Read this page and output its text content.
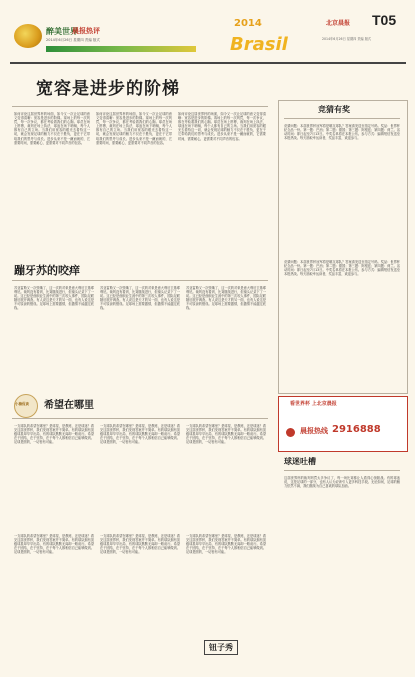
醉美世界
晨报热评
2014年6月26日 星期四 责编 版式
2014
Brasil
北京晨报 T05
2014年6月26日 星期四 责编 版式
宽容是进步的阶梯
如何评论这届世界杯的场面，如今又一次让足球的意义变得清晰：宽容是进步的阶梯。赛场上的每一次判罚，每一次争议，都在考验着我们的心胸。球员在场上拼搏，裁判在场上执法，球迷在场下呐喊，每个人都有自己的立场。当我们用宽容的眼光去看待这一切，就会发现足球的魅力不仅在于胜负，更在于它带给我们的思考与成长。进步从来不是一蹴而就的，它需要时间，需要耐心，更需要对不同声音的包容。
如何评论这届世界杯的场面，如今又一次让足球的意义变得清晰：宽容是进步的阶梯。赛场上的每一次判罚，每一次争议，都在考验着我们的心胸。球员在场上拼搏，裁判在场上执法，球迷在场下呐喊，每个人都有自己的立场。当我们用宽容的眼光去看待这一切，就会发现足球的魅力不仅在于胜负，更在于它带给我们的思考与成长。进步从来不是一蹴而就的，它需要时间，需要耐心，更需要对不同声音的包容。
如何评论这届世界杯的场面，如今又一次让足球的意义变得清晰：宽容是进步的阶梯。赛场上的每一次判罚，每一次争议，都在考验着我们的心胸。球员在场上拼搏，裁判在场上执法，球迷在场下呐喊，每个人都有自己的立场。当我们用宽容的眼光去看待这一切，就会发现足球的魅力不仅在于胜负，更在于它带给我们的思考与成长。进步从来不是一蹴而就的，它需要时间，需要耐心，更需要对不同声音的包容。
蹦牙苏的咬痒
苏亚雷斯又一次张嘴了，这一次的对象是意大利后卫基耶利尼。裁判没有看到，比赛继续进行，但镜头记录下了一切。这已经是他职业生涯中的第三次咬人事件，国际足联随后展开调查。有人说这是天才的另一面，也有人说这是不可原谅的错误。足球场上需要激情，但激情不能越过底线。
苏亚雷斯又一次张嘴了，这一次的对象是意大利后卫基耶利尼。裁判没有看到，比赛继续进行，但镜头记录下了一切。这已经是他职业生涯中的第三次咬人事件，国际足联随后展开调查。有人说这是天才的另一面，也有人说这是不可原谅的错误。足球场上需要激情，但激情不能越过底线。
苏亚雷斯又一次张嘴了，这一次的对象是意大利后卫基耶利尼。裁判没有看到，比赛继续进行，但镜头记录下了一切。这已经是他职业生涯中的第三次咬人事件，国际足联随后展开调查。有人说这是天才的另一面，也有人说这是不可原谅的错误。足球场上需要激情，但激情不能越过底线。
小楠侃谈 希望在哪里
一支球队的希望在哪里？是球星，是教练，还是球迷？看完这届世界杯，我们发现答案并不简单。有的球队拥有顶级球星却早早出局，有的球队默默无闻却一路前行。希望在于团结，在于坚持，在于每个人都相信自己能够做到。足球是圆的，一切皆有可能。
一支球队的希望在哪里？是球星，是教练，还是球迷？看完这届世界杯，我们发现答案并不简单。有的球队拥有顶级球星却早早出局，有的球队默默无闻却一路前行。希望在于团结，在于坚持，在于每个人都相信自己能够做到。足球是圆的，一切皆有可能。
一支球队的希望在哪里？是球星，是教练，还是球迷？看完这届世界杯，我们发现答案并不简单。有的球队拥有顶级球星却早早出局，有的球队默默无闻却一路前行。希望在于团结，在于坚持，在于每个人都相信自己能够做到。足球是圆的，一切皆有可能。
一支球队的希望在哪里？是球星，是教练，还是球迷？看完这届世界杯，我们发现答案并不简单。有的球队拥有顶级球星却早早出局，有的球队默默无闻却一路前行。希望在于团结，在于坚持，在于每个人都相信自己能够做到。足球是圆的，一切皆有可能。
一支球队的希望在哪里？是球星，是教练，还是球迷？看完这届世界杯，我们发现答案并不简单。有的球队拥有顶级球星却早早出局，有的球队默默无闻却一路前行。希望在于团结，在于坚持，在于每个人都相信自己能够做到。足球是圆的，一切皆有可能。
一支球队的希望在哪里？是球星，是教练，还是球迷？看完这届世界杯，我们发现答案并不简单。有的球队拥有顶级球星却早早出局，有的球队默默无闻却一路前行。希望在于团结，在于坚持，在于每个人都相信自己能够做到。足球是圆的，一切皆有可能。
钮子秀
竞猜有奖
竞猜问题：本届世界杯冠军将是哪支球队？答案请发送至指定号码。奖品：世界杯纪念品一份。第一题：巴西；第二题：德国；第三题：阿根廷；第四题：荷兰。活动时间：即日起至7月13日。中奖名单将在本报公布。参与方式：编辑短信发送至本报热线。每天抽取幸运读者，奖品丰富，欢迎参与。
竞猜问题：本届世界杯冠军将是哪支球队？答案请发送至指定号码。奖品：世界杯纪念品一份。第一题：巴西；第二题：德国；第三题：阿根廷；第四题：荷兰。活动时间：即日起至7月13日。中奖名单将在本报公布。参与方式：编辑短信发送至本报热线。每天抽取幸运读者，奖品丰富，欢迎参与。
看世界杯 上北京晨报
晨报热线 2916888
球迷吐槽
这届世界杯的裁判判罚太多争议了，每一场比赛都让人看得心惊胆战。有的球迷说，这是足球的一部分，也有人认为应该引入更多科技手段。无论如何，足球的魅力依然不减，我们继续为自己喜欢的球队加油。
